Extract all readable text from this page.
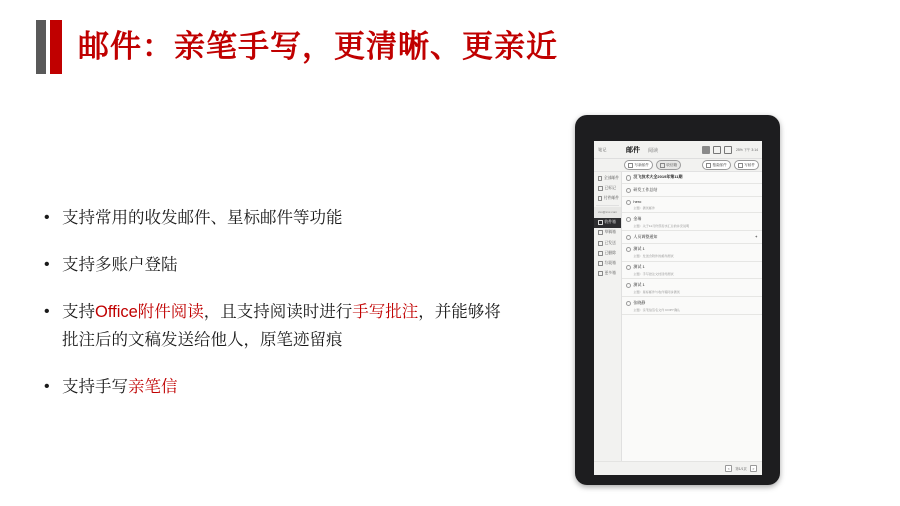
邮件：亲笔手写，更清晰、更亲近
• 支持常用的收发邮件、星标邮件等功能
• 支持多账户登陆
• 支持Office附件阅读，且支持阅读时进行手写批注，并能够将批注后的文稿发送给他人，原笔迹留痕
• 支持手写亲笔信
笔记	邮件 阅读	25% 下午 3:14
写新邮件	收信箱	搜索邮件	写邮件
全部邮件
已标记
付件邮件
xxx@xxx.com
收件箱
草稿箱
已发送
已删除
垃圾箱
更多箱
汉飞技术大全2019年第11期
研发工作总结
hero
主题：测试邮件
金瑞
主题：关于11月份部需求汇总的补充说明
人员调整通知	✦
测试 1
主题：发送含附件的邮件测试
测试 1
主题：手写批注文档回传测试
测试 1
主题：星标邮件与收件箱同步测试
张晓静
主题：亲笔信签名文件 COPY确认
<	第1/1页	>
